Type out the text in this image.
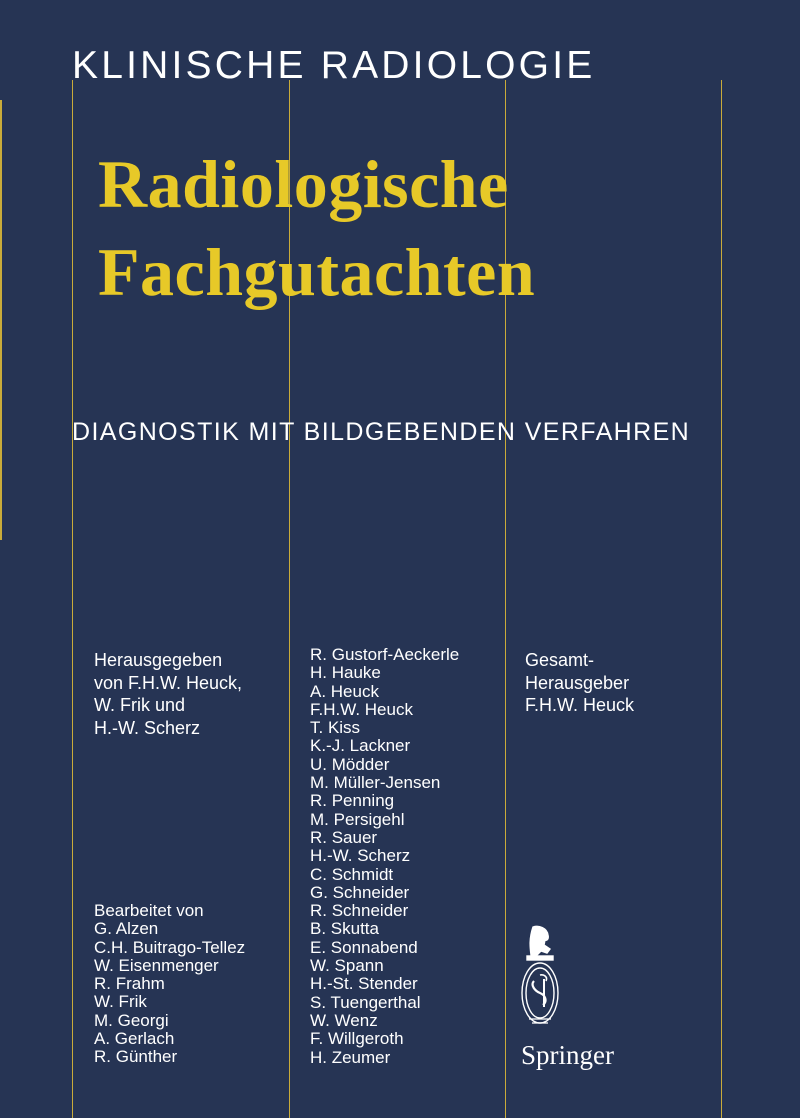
KLINISCHE RADIOLOGIE
Radiologische
Fachgutachten
DIAGNOSTIK MIT BILDGEBENDEN VERFAHREN
Herausgegeben
von F.H.W. Heuck,
W. Frik und
H.-W. Scherz
Bearbeitet von
G. Alzen
C.H. Buitrago-Tellez
W. Eisenmenger
R. Frahm
W. Frik
M. Georgi
A. Gerlach
R. Günther
R. Gustorf-Aeckerle
H. Hauke
A. Heuck
F.H.W. Heuck
T. Kiss
K.-J. Lackner
U. Mödder
M. Müller-Jensen
R. Penning
M. Persigehl
R. Sauer
H.-W. Scherz
C. Schmidt
G. Schneider
R. Schneider
B. Skutta
E. Sonnabend
W. Spann
H.-St. Stender
S. Tuengerthal
W. Wenz
F. Willgeroth
H. Zeumer
Gesamt-
Herausgeber
F.H.W. Heuck
Springer
